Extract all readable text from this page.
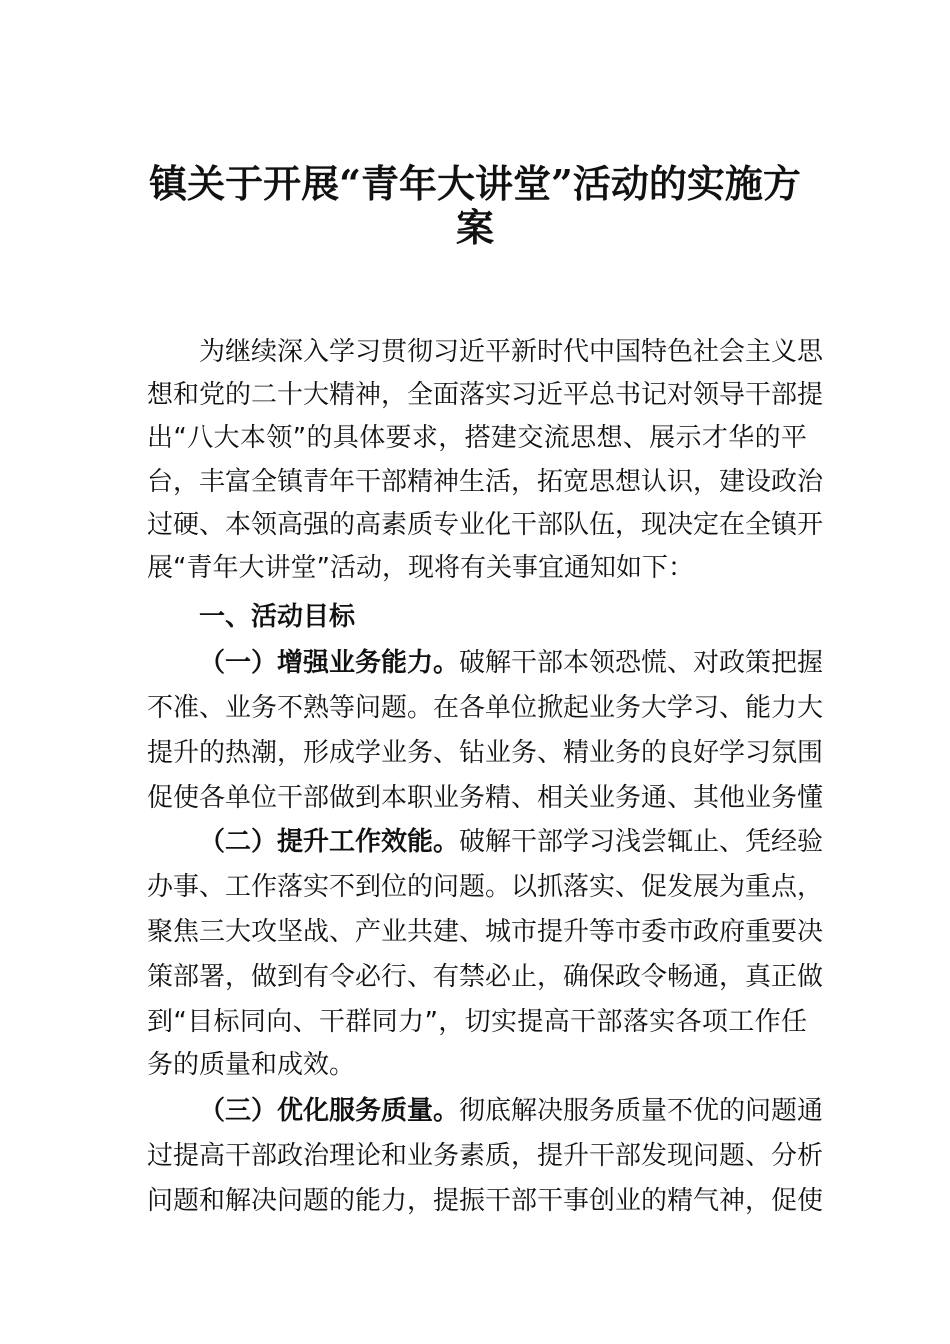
镇关于开展“青年大讲堂”活动的实施方
案
为继续深入学习贯彻习近平新时代中国特色社会主义思
想和党的二十大精神，全面落实习近平总书记对领导干部提
出“八大本领”的具体要求，搭建交流思想、展示才华的平
台，丰富全镇青年干部精神生活，拓宽思想认识，建设政治
过硬、本领高强的高素质专业化干部队伍，现决定在全镇开
展“青年大讲堂”活动，现将有关事宜通知如下：
一、活动目标
（一）增强业务能力。破解干部本领恐慌、对政策把握
不准、业务不熟等问题。在各单位掀起业务大学习、能力大
提升的热潮，形成学业务、钻业务、精业务的良好学习氛围
促使各单位干部做到本职业务精、相关业务通、其他业务懂
（二）提升工作效能。破解干部学习浅尝辄止、凭经验
办事、工作落实不到位的问题。以抓落实、促发展为重点，
聚焦三大攻坚战、产业共建、城市提升等市委市政府重要决
策部署，做到有令必行、有禁必止，确保政令畅通，真正做
到“目标同向、干群同力”，切实提高干部落实各项工作任
务的质量和成效。
（三）优化服务质量。彻底解决服务质量不优的问题通
过提高干部政治理论和业务素质，提升干部发现问题、分析
问题和解决问题的能力，提振干部干事创业的精气神，促使
